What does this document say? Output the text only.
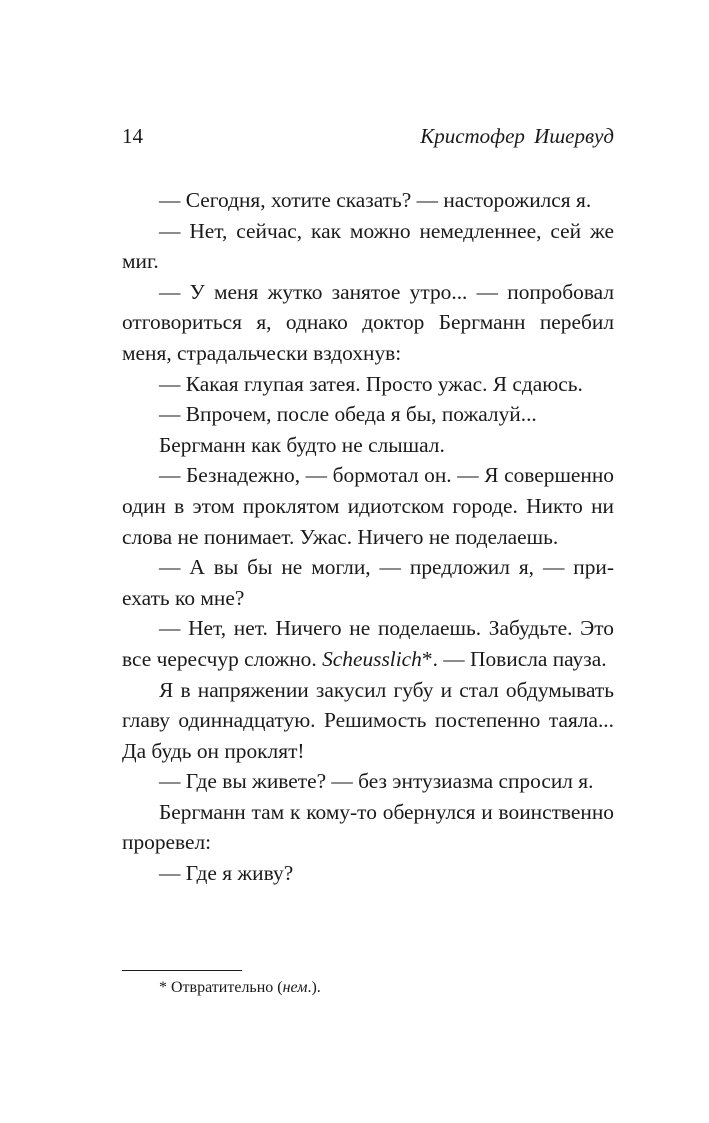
14	Кристофер Ишервуд

— Сегодня, хотите сказать? — насторожился я.

— Нет, сейчас, как можно немедленнее, сей же миг.

— У меня жутко занятое утро... — попробовал отговориться я, однако доктор Бергманн перебил меня, страдальчески вздохнув:

— Какая глупая затея. Просто ужас. Я сдаюсь.

— Впрочем, после обеда я бы, пожалуй...

Бергманн как будто не слышал.

— Безнадежно, — бормотал он. — Я совершенно один в этом проклятом идиотском городе. Никто ни слова не понимает. Ужас. Ничего не поделаешь.

— А вы бы не могли, — предложил я, — приехать ко мне?

— Нет, нет. Ничего не поделаешь. Забудьте. Это все чересчур сложно. Scheusslich*. — Повисла пауза.

Я в напряжении закусил губу и стал обдумывать главу одиннадцатую. Решимость постепенно таяла... Да будь он проклят!

— Где вы живете? — без энтузиазма спросил я.

Бергманн там к кому-то обернулся и воинственно проревел:

— Где я живу?

* Отвратительно (нем.).
